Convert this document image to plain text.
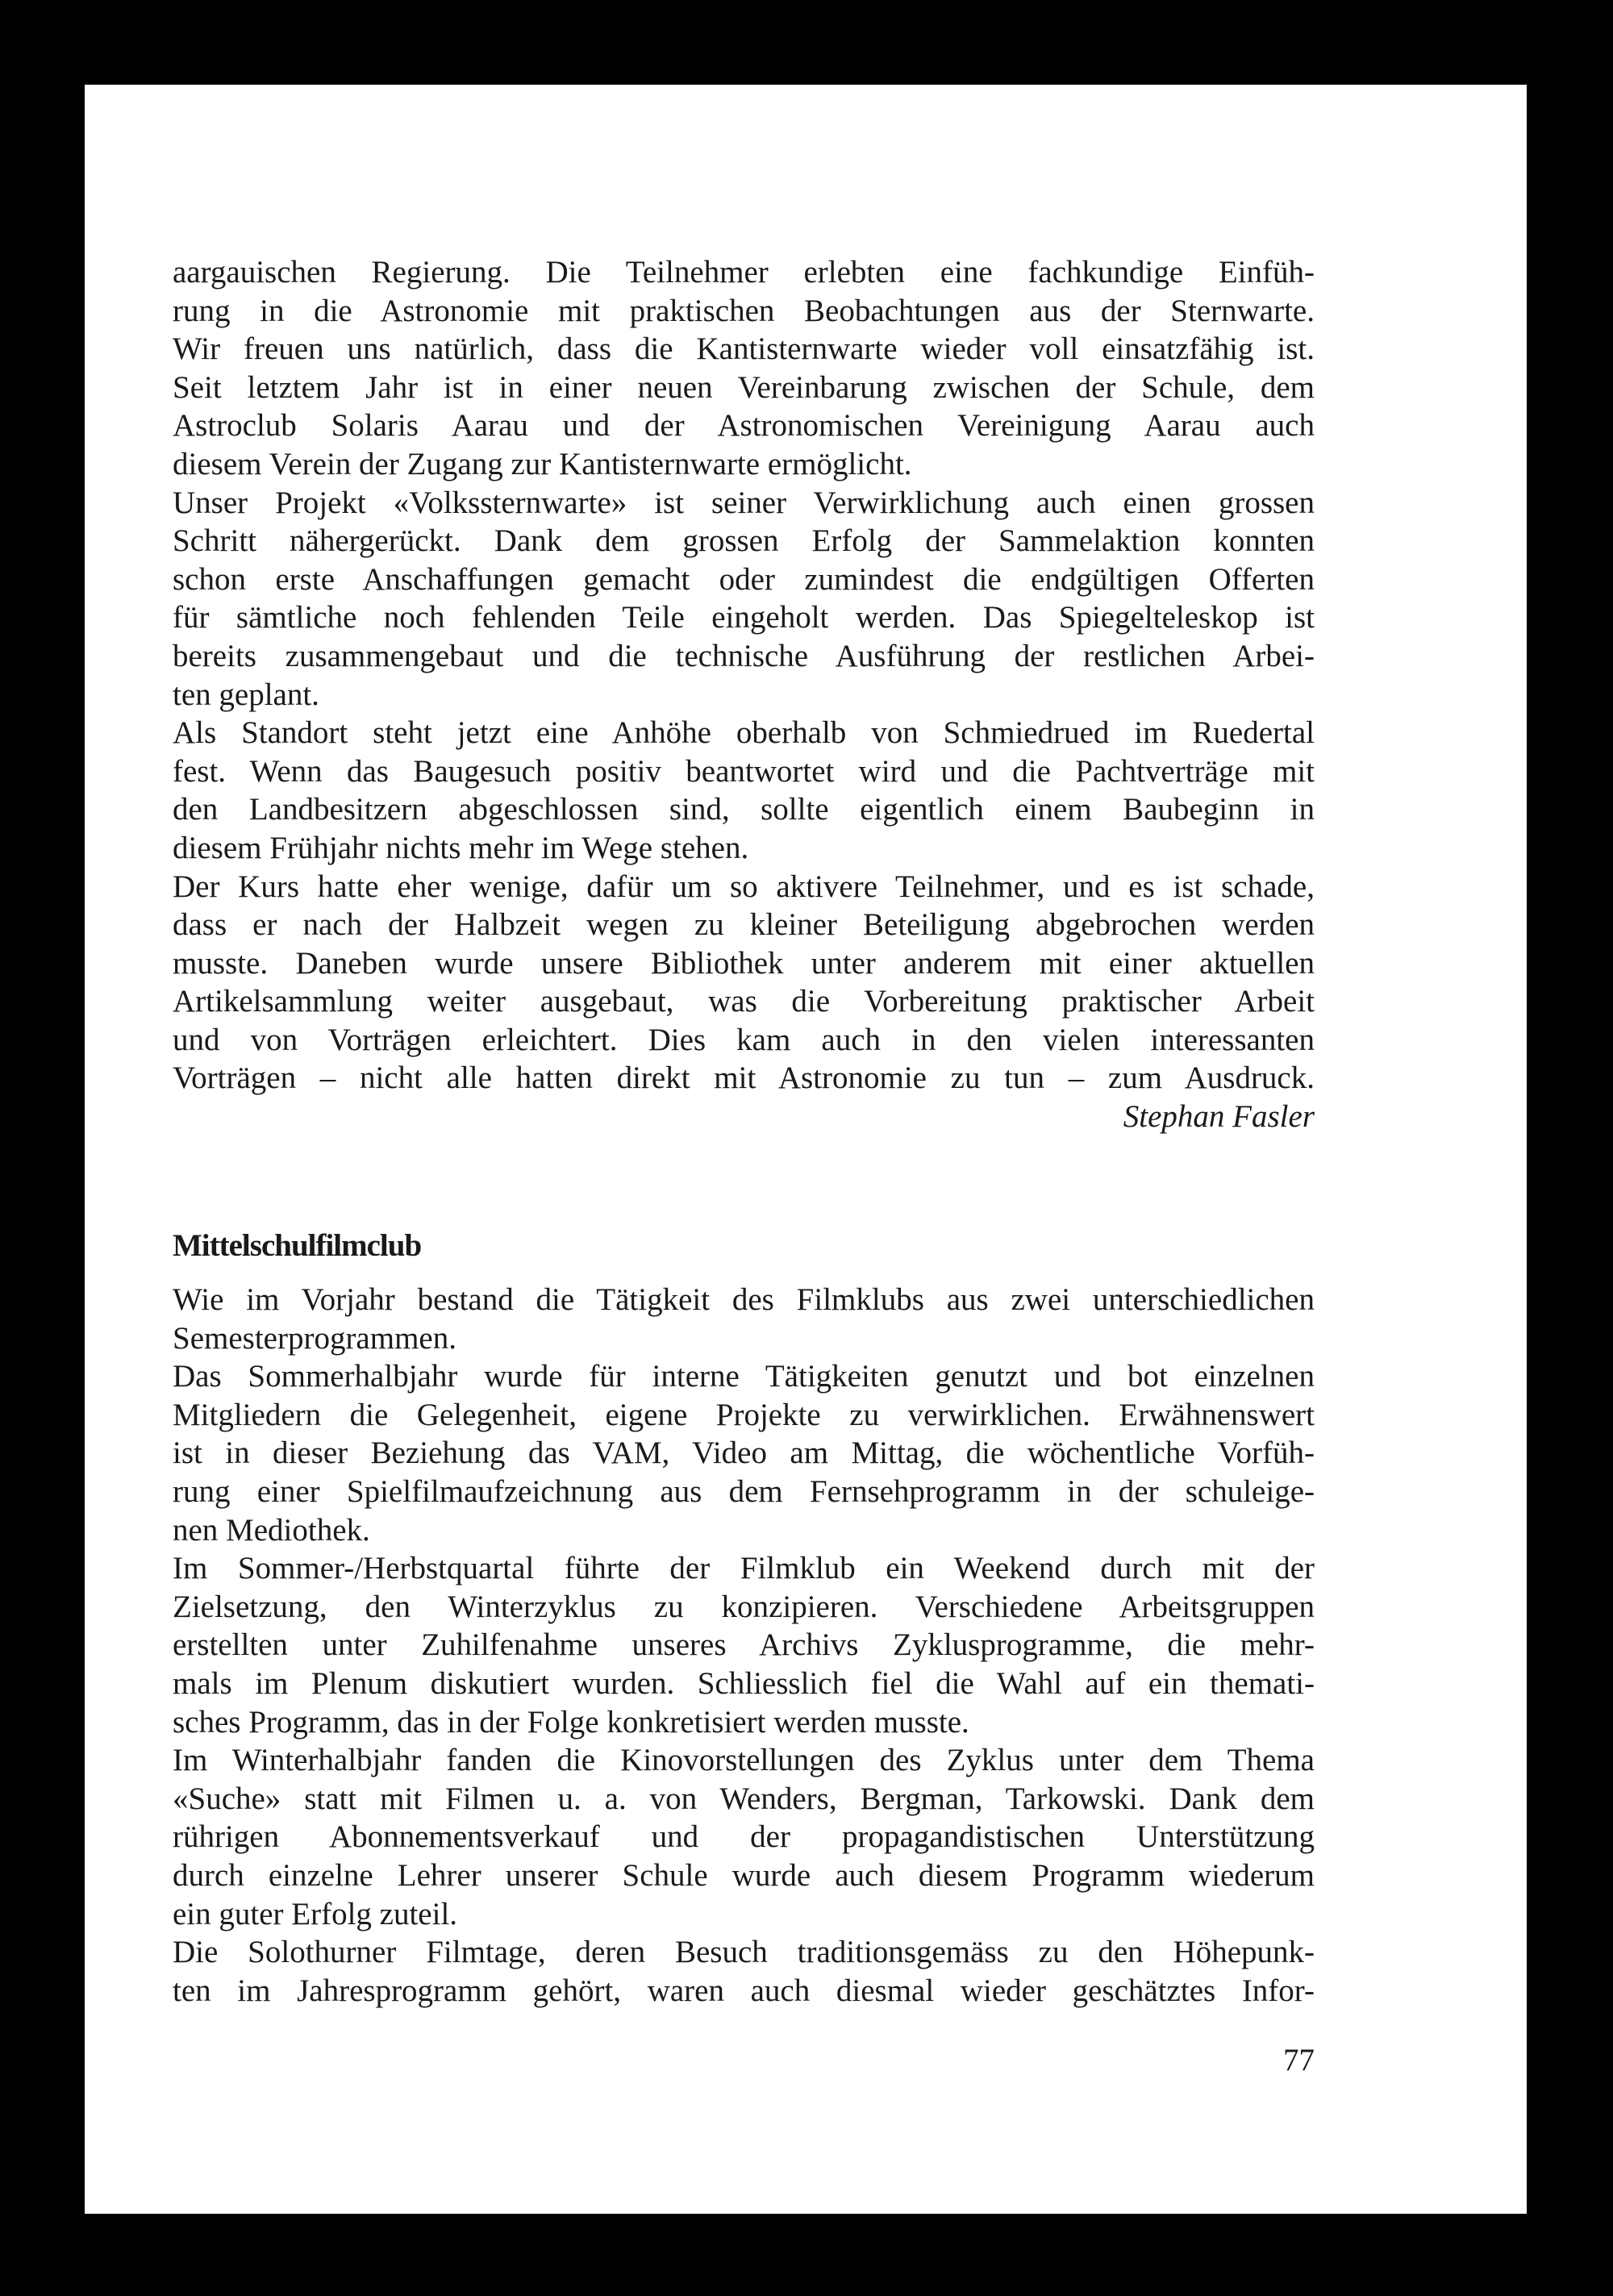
aargauischen Regierung. Die Teilnehmer erlebten eine fachkundige Einfüh-
rung in die Astronomie mit praktischen Beobachtungen aus der Sternwarte.
Wir freuen uns natürlich, dass die Kantisternwarte wieder voll einsatzfähig ist.
Seit letztem Jahr ist in einer neuen Vereinbarung zwischen der Schule, dem
Astroclub Solaris Aarau und der Astronomischen Vereinigung Aarau auch
diesem Verein der Zugang zur Kantisternwarte ermöglicht.
Unser Projekt «Volkssternwarte» ist seiner Verwirklichung auch einen grossen
Schritt nähergerückt. Dank dem grossen Erfolg der Sammelaktion konnten
schon erste Anschaffungen gemacht oder zumindest die endgültigen Offerten
für sämtliche noch fehlenden Teile eingeholt werden. Das Spiegelteleskop ist
bereits zusammengebaut und die technische Ausführung der restlichen Arbei-
ten geplant.
Als Standort steht jetzt eine Anhöhe oberhalb von Schmiedrued im Ruedertal
fest. Wenn das Baugesuch positiv beantwortet wird und die Pachtverträge mit
den Landbesitzern abgeschlossen sind, sollte eigentlich einem Baubeginn in
diesem Frühjahr nichts mehr im Wege stehen.
Der Kurs hatte eher wenige, dafür um so aktivere Teilnehmer, und es ist schade,
dass er nach der Halbzeit wegen zu kleiner Beteiligung abgebrochen werden
musste. Daneben wurde unsere Bibliothek unter anderem mit einer aktuellen
Artikelsammlung weiter ausgebaut, was die Vorbereitung praktischer Arbeit
und von Vorträgen erleichtert. Dies kam auch in den vielen interessanten
Vorträgen – nicht alle hatten direkt mit Astronomie zu tun – zum Ausdruck.
Stephan Fasler
Mittelschulfilmclub
Wie im Vorjahr bestand die Tätigkeit des Filmklubs aus zwei unterschiedlichen
Semesterprogrammen.
Das Sommerhalbjahr wurde für interne Tätigkeiten genutzt und bot einzelnen
Mitgliedern die Gelegenheit, eigene Projekte zu verwirklichen. Erwähnenswert
ist in dieser Beziehung das VAM, Video am Mittag, die wöchentliche Vorfüh-
rung einer Spielfilmaufzeichnung aus dem Fernsehprogramm in der schuleige-
nen Mediothek.
Im Sommer-/Herbstquartal führte der Filmklub ein Weekend durch mit der
Zielsetzung, den Winterzyklus zu konzipieren. Verschiedene Arbeitsgruppen
erstellten unter Zuhilfenahme unseres Archivs Zyklusprogramme, die mehr-
mals im Plenum diskutiert wurden. Schliesslich fiel die Wahl auf ein themati-
sches Programm, das in der Folge konkretisiert werden musste.
Im Winterhalbjahr fanden die Kinovorstellungen des Zyklus unter dem Thema
«Suche» statt mit Filmen u. a. von Wenders, Bergman, Tarkowski. Dank dem
rührigen Abonnementsverkauf und der propagandistischen Unterstützung
durch einzelne Lehrer unserer Schule wurde auch diesem Programm wiederum
ein guter Erfolg zuteil.
Die Solothurner Filmtage, deren Besuch traditionsgemäss zu den Höhepunk-
ten im Jahresprogramm gehört, waren auch diesmal wieder geschätztes Infor-
77
